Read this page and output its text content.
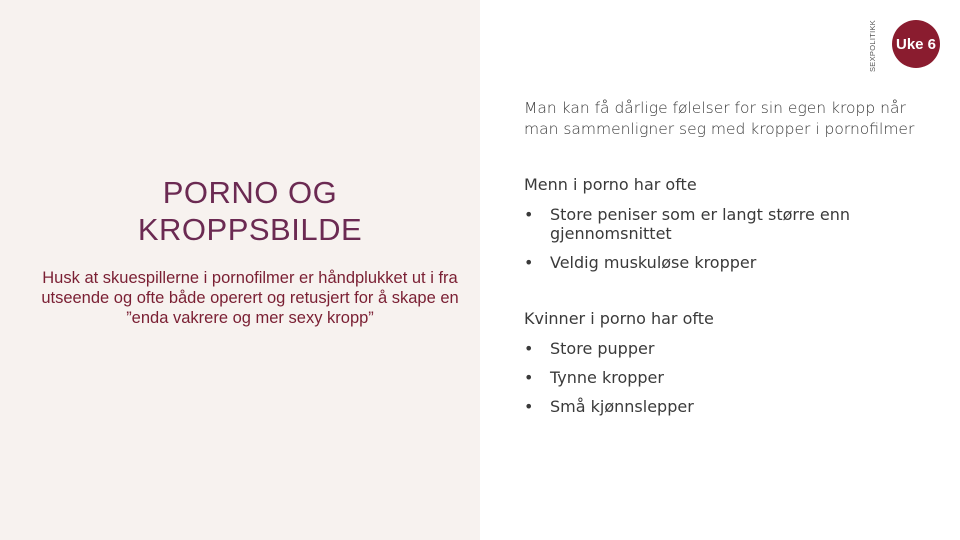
PORNO OG
KROPPSBILDE

Husk at skuespillerne i pornofilmer er håndplukket ut i fra utseende og ofte både operert og retusjert for å skape en ”enda vakrere og mer sexy kropp”

SEXPOLITIKK	Uke 6

Man kan få dårlige følelser for sin egen kropp når man sammenligner seg med kropper i pornofilmer

Menn i porno har ofte

• Store peniser som er langt større enn gjennomsnittet
• Veldig muskuløse kropper

Kvinner i porno har ofte

• Store pupper
• Tynne kropper
• Små kjønnslepper
